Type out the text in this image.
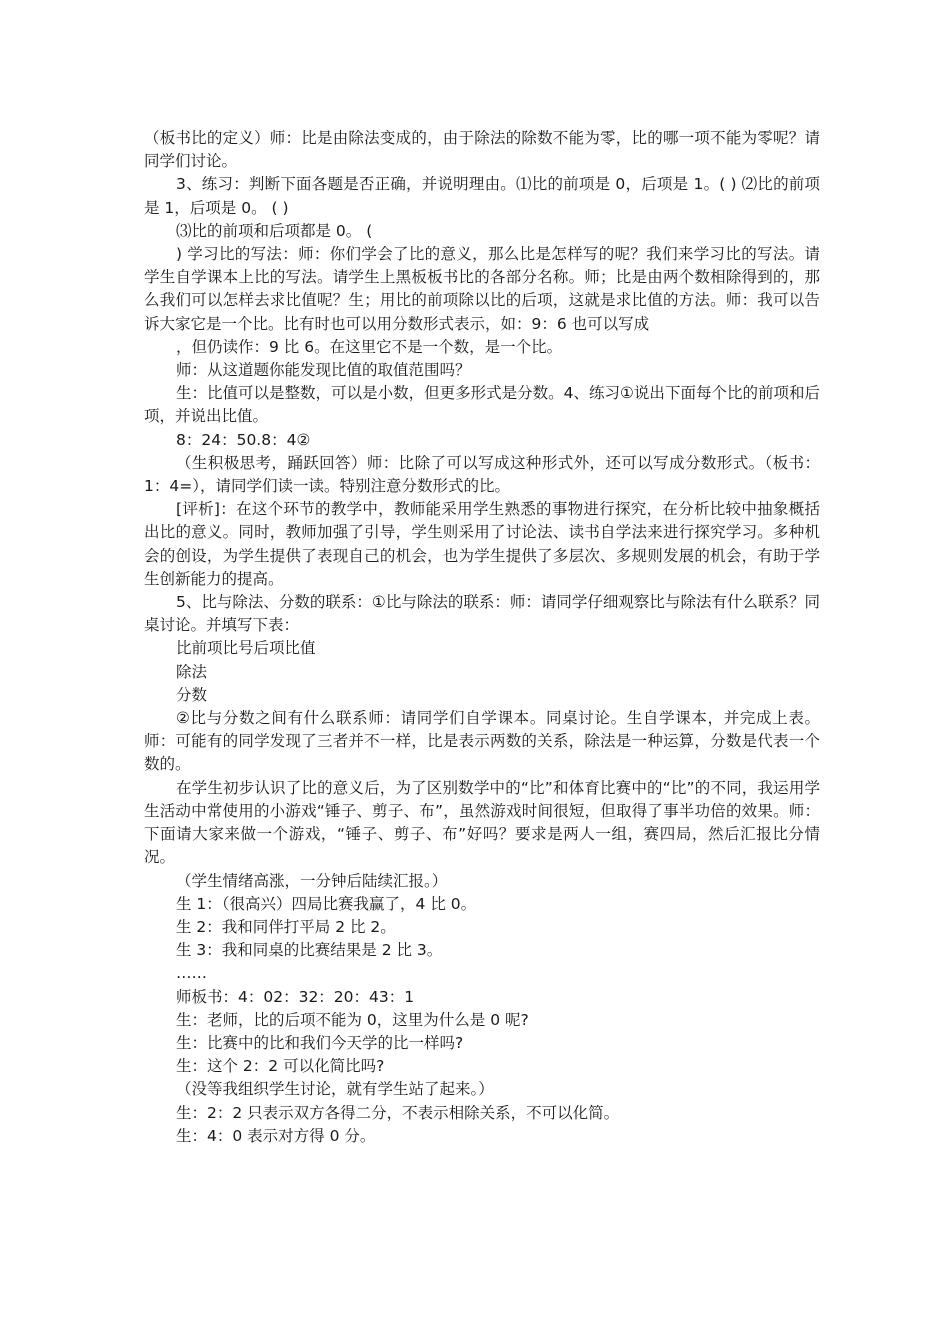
（板书比的定义）师：比是由除法变成的，由于除法的除数不能为零，比的哪一项不能为零呢？请同学们讨论。

3、练习：判断下面各题是否正确，并说明理由。⑴比的前项是 0，后项是 1。( ) ⑵比的前项是 1，后项是 0。 ( )

⑶比的前项和后项都是 0。 (

) 学习比的写法：师：你们学会了比的意义，那么比是怎样写的呢？我们来学习比的写法。请学生自学课本上比的写法。请学生上黑板板书比的各部分名称。师；比是由两个数相除得到的，那么我们可以怎样去求比值呢？生；用比的前项除以比的后项，这就是求比值的方法。师：我可以告诉大家它是一个比。比有时也可以用分数形式表示，如：9：6 也可以写成

，但仍读作：9 比 6。在这里它不是一个数，是一个比。

师：从这道题你能发现比值的取值范围吗？

生：比值可以是整数，可以是小数，但更多形式是分数。4、练习①说出下面每个比的前项和后项，并说出比值。

8：24：50.8：4②

（生积极思考，踊跃回答）师：比除了可以写成这种形式外，还可以写成分数形式。（板书：1：4=），请同学们读一读。特别注意分数形式的比。

[评析]：在这个环节的教学中，教师能采用学生熟悉的事物进行探究，在分析比较中抽象概括出比的意义。同时，教师加强了引导，学生则采用了讨论法、读书自学法来进行探究学习。多种机会的创设，为学生提供了表现自己的机会，也为学生提供了多层次、多规则发展的机会，有助于学生创新能力的提高。

5、比与除法、分数的联系：①比与除法的联系：师：请同学仔细观察比与除法有什么联系？同桌讨论。并填写下表：

比前项比号后项比值

除法

分数

②比与分数之间有什么联系师：请同学们自学课本。同桌讨论。生自学课本，并完成上表。师：可能有的同学发现了三者并不一样，比是表示两数的关系，除法是一种运算，分数是代表一个数的。

在学生初步认识了比的意义后，为了区别数学中的“比”和体育比赛中的“比”的不同，我运用学生活动中常使用的小游戏“锤子、剪子、布”，虽然游戏时间很短，但取得了事半功倍的效果。师：下面请大家来做一个游戏，“锤子、剪子、布”好吗？要求是两人一组，赛四局，然后汇报比分情况。

（学生情绪高涨，一分钟后陆续汇报。）

生 1：（很高兴）四局比赛我赢了，4 比 0。

生 2：我和同伴打平局 2 比 2。

生 3：我和同桌的比赛结果是 2 比 3。

……

师板书：4：02：32：20：43：1

生：老师，比的后项不能为 0，这里为什么是 0 呢?

生：比赛中的比和我们今天学的比一样吗?

生：这个 2：2 可以化简比吗?

（没等我组织学生讨论，就有学生站了起来。）

生：2：2 只表示双方各得二分，不表示相除关系，不可以化简。

生：4：0 表示对方得 0 分。
